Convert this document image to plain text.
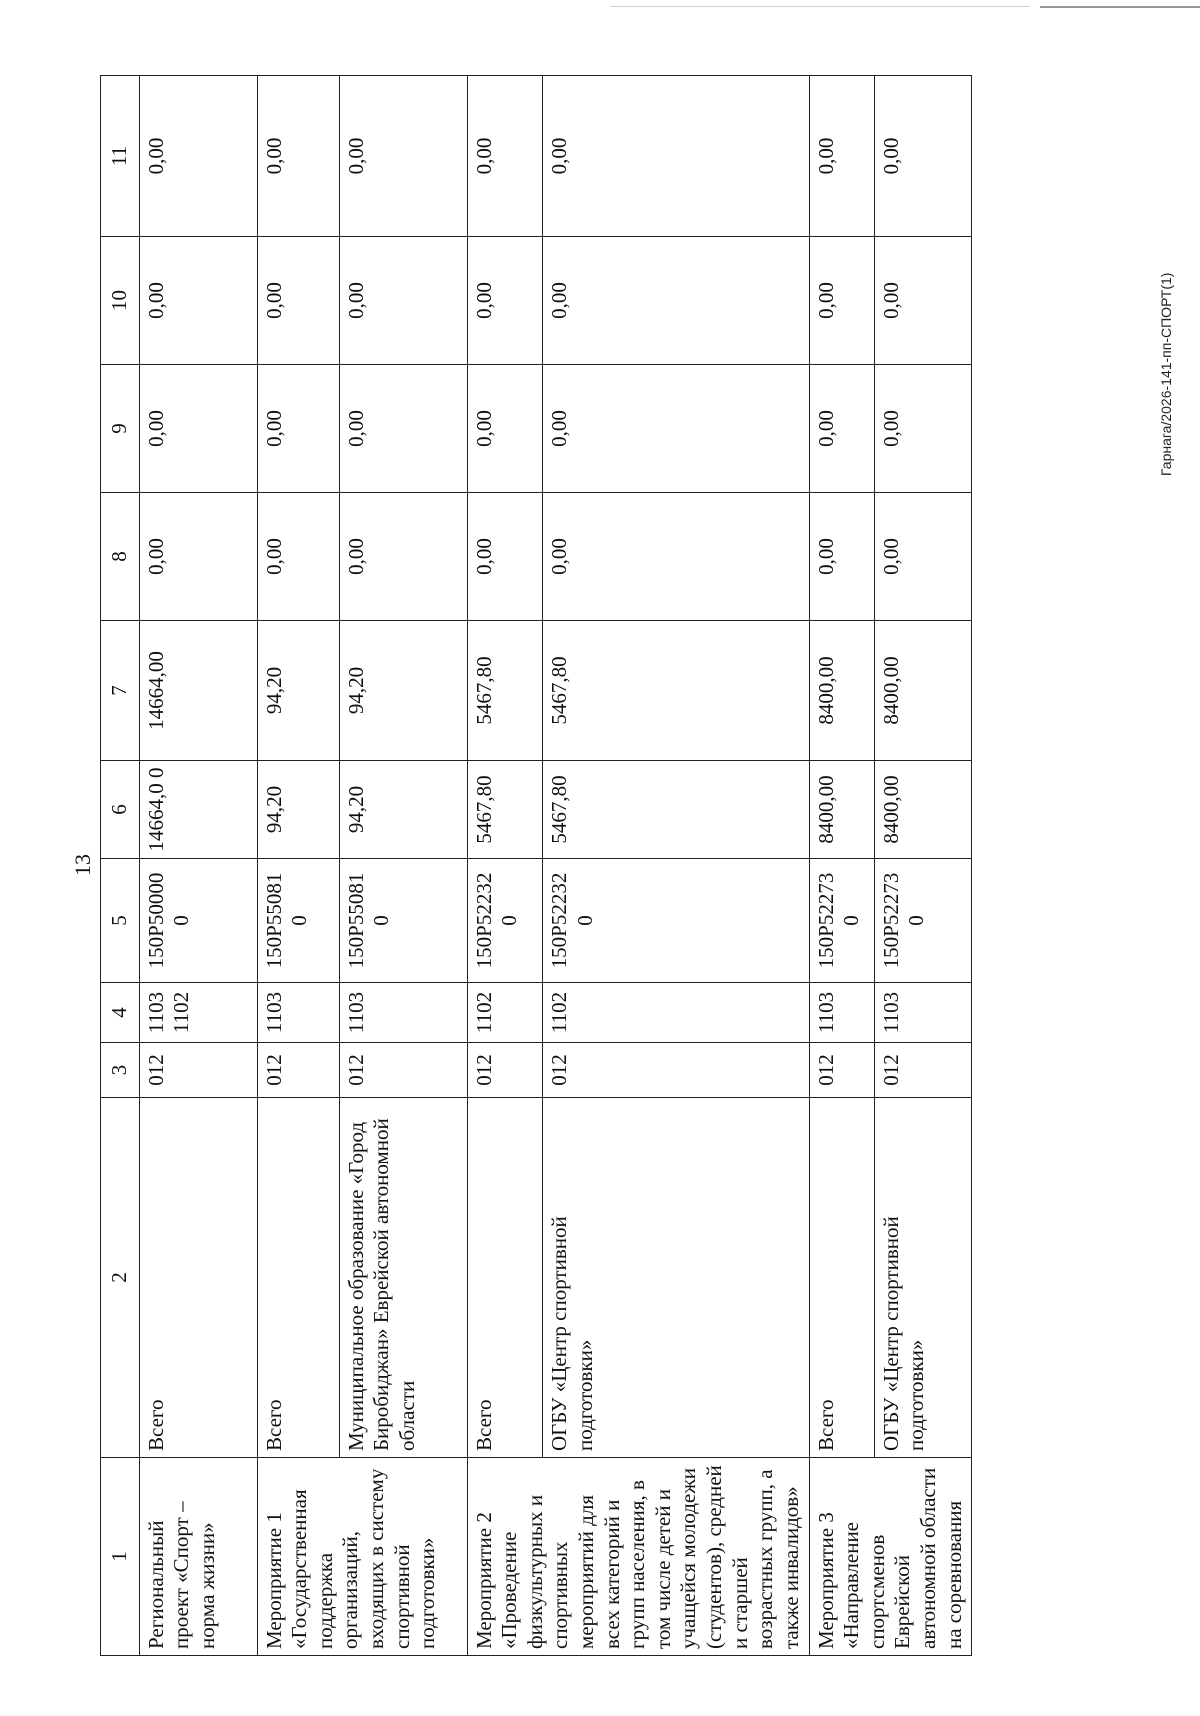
13
1	2	3	4	5	6	7	8	9	10	11
Региональный проект «Спорт – норма жизни»	Всего	012	1103 1102	150Р50000 0	14664,0 0	14664,00	0,00	0,00	0,00	0,00
Мероприятие 1 «Государственная поддержка организаций, входящих в систему спортивной подготовки»	Всего	012	1103	150Р55081 0	94,20	94,20	0,00	0,00	0,00	0,00
	Муниципальное образование «Город Биробиджан» Еврейской автономной области	012	1103	150Р55081 0	94,20	94,20	0,00	0,00	0,00	0,00
Мероприятие 2 «Проведение физкультурных и спортивных мероприятий для всех категорий и групп населения, в том числе детей и учащейся молодежи (студентов), средней и старшей возрастных групп, а также инвалидов»	Всего	012	1102	150Р52232 0	5467,80	5467,80	0,00	0,00	0,00	0,00
	ОГБУ «Центр спортивной подготовки»	012	1102	150Р52232 0	5467,80	5467,80	0,00	0,00	0,00	0,00
Мероприятие 3 «Направление спортсменов Еврейской автономной области на соревнования	Всего	012	1103	150Р52273 0	8400,00	8400,00	0,00	0,00	0,00	0,00
	ОГБУ «Центр спортивной подготовки»	012	1103	150Р52273 0	8400,00	8400,00	0,00	0,00	0,00	0,00
Гарнага/2026-141-пп-СПОРТ(1)
